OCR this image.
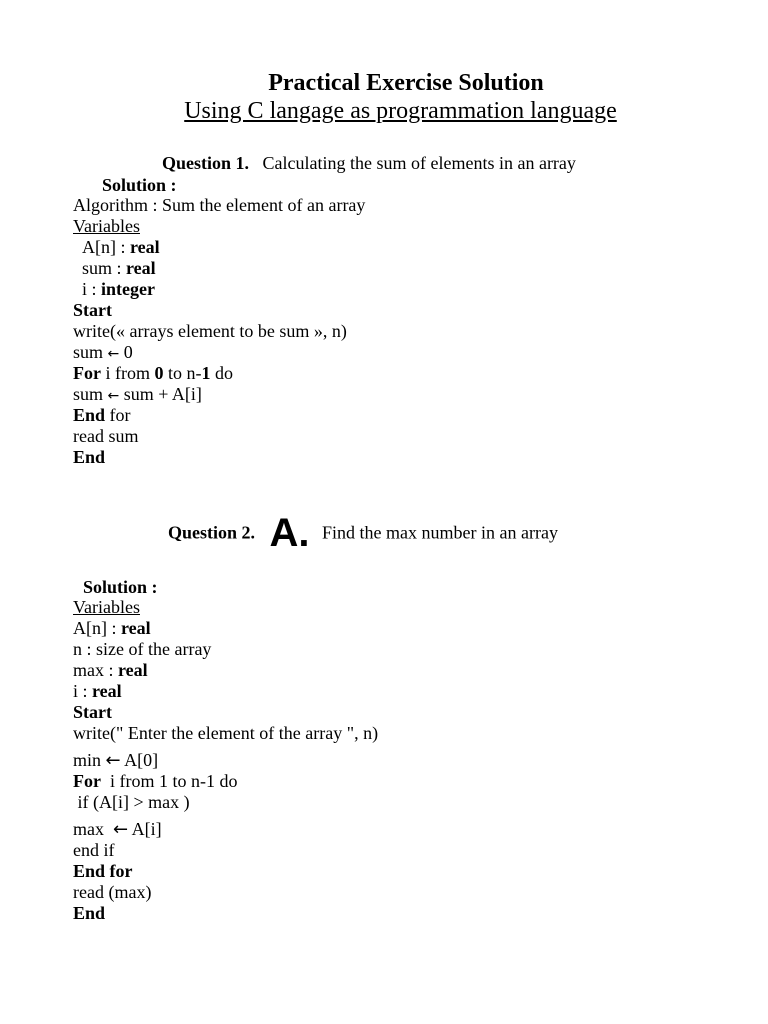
Practical Exercise Solution
Using C langage as programmation language
Question 1. Calculating the sum of elements in an array
Solution :
Algorithm : Sum the element of an array
Variables
A[n] : real
sum : real
i : integer
Start
write(« arrays element to be sum », n)
sum ← 0
For i from 0 to n-1 do
sum ← sum + A[i]
End for
read sum
End
Question 2. A. Find the max number in an array
Solution :
Variables
A[n] : real
n : size of the array
max : real
i : real
Start
write(" Enter the element of the array ", n)
min ← A[0]
For  i from 1 to n-1 do
if (A[i] > max )
max  ← A[i]
end if
End for
read (max)
End
